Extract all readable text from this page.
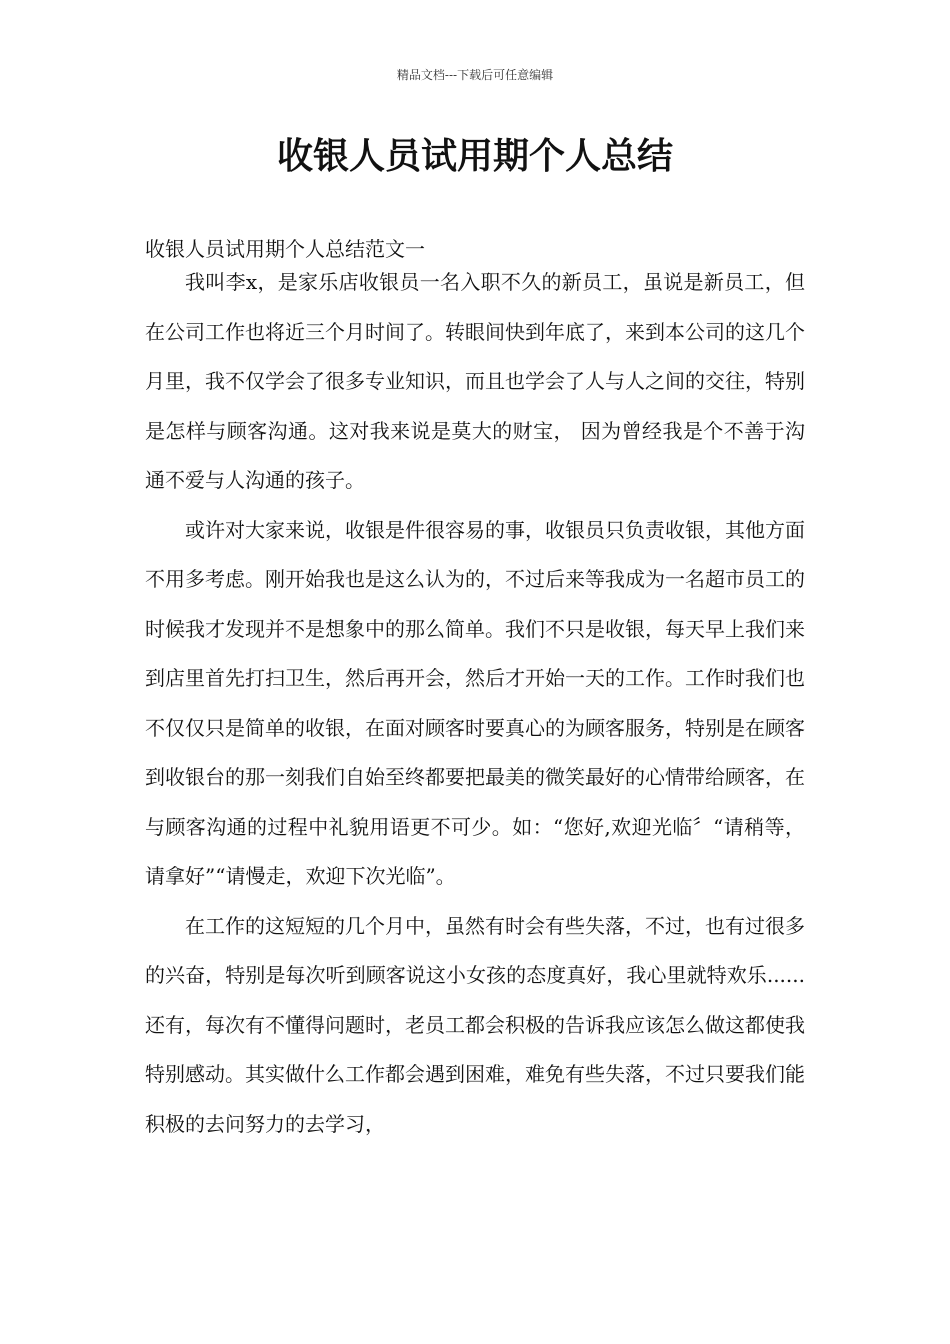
精品文档---下载后可任意编辑
收银人员试用期个人总结

收银人员试用期个人总结范文一

我叫李x，是家乐店收银员一名入职不久的新员工，虽说是新员工，但在公司工作也将近三个月时间了。转眼间快到年底了，来到本公司的这几个月里，我不仅学会了很多专业知识，而且也学会了人与人之间的交往，特别是怎样与顾客沟通。这对我来说是莫大的财宝， 因为曾经我是个不善于沟通不爱与人沟通的孩子。

或许对大家来说，收银是件很容易的事，收银员只负责收银，其他方面不用多考虑。刚开始我也是这么认为的，不过后来等我成为一名超市员工的时候我才发现并不是想象中的那么简单。我们不只是收银，每天早上我们来到店里首先打扫卫生，然后再开会，然后才开始一天的工作。工作时我们也不仅仅只是简单的收银，在面对顾客时要真心的为顾客服务，特别是在顾客到收银台的那一刻我们自始至终都要把最美的微笑最好的心情带给顾客，在与顾客沟通的过程中礼貌用语更不可少。如：“您好,欢迎光临〞“请稍等，请拿好”“请慢走，欢迎下次光临”。

在工作的这短短的几个月中，虽然有时会有些失落，不过，也有过很多的兴奋，特别是每次听到顾客说这小女孩的态度真好，我心里就特欢乐......还有，每次有不懂得问题时，老员工都会积极的告诉我应该怎么做这都使我特别感动。其实做什么工作都会遇到困难，难免有些失落，不过只要我们能积极的去问努力的去学习，
